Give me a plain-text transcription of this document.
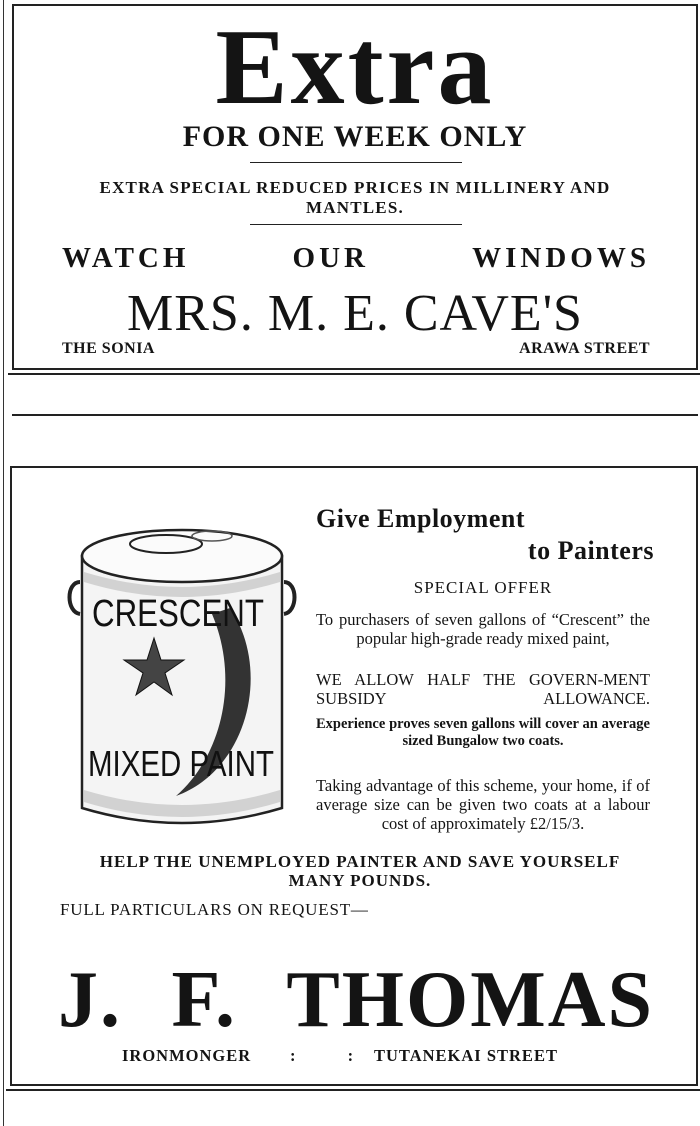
Extra
FOR ONE WEEK ONLY
EXTRA SPECIAL REDUCED PRICES IN MILLINERY AND MANTLES.
WATCH	OUR	WINDOWS
MRS. M. E. CAVE'S
THE SONIA	ARAWA STREET
CRESCENT
MIXED PAINT
Give Employment
to Painters
SPECIAL OFFER
To purchasers of seven gallons of “Crescent” the popular high-grade ready mixed paint,
WE ALLOW HALF THE GOVERN-MENT SUBSIDY ALLOWANCE.
Experience proves seven gallons will cover an average sized Bungalow two coats.
Taking advantage of this scheme, your home, if of average size can be given two coats at a labour cost of approximately £2/15/3.
HELP THE UNEMPLOYED PAINTER AND SAVE YOURSELF MANY POUNDS.
FULL PARTICULARS ON REQUEST—
J. F. THOMAS
IRONMONGER : :
TUTANEKAI STREET
